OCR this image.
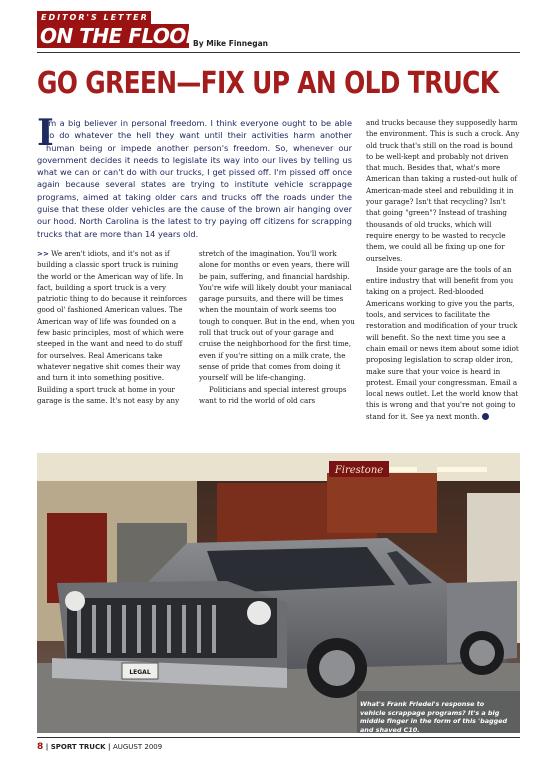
EDITOR'S LETTER
ON THE FLOOR
By Mike Finnegan
GO GREEN—FIX UP AN OLD TRUCK

I
'm a big believer in personal freedom. I think everyone ought to be able to do whatever the hell they want until their activities harm another human being or impede another person's freedom. So, whenever our government decides it needs to legislate its way into our lives by telling us what we can or can't do with our trucks, I get pissed off. I'm pissed off once again because several states are trying to institute vehicle scrappage programs, aimed at taking older cars and trucks off the roads under the guise that these older vehicles are the cause of the brown air hanging over our hood. North Carolina is the latest to try paying off citizens for scrapping trucks that are more than 14 years old.

>> We aren't idiots, and it's not as if building a classic sport truck is ruining the world or the American way of life. In fact, building a sport truck is a very patriotic thing to do because it reinforces good ol' fashioned American values. The American way of life was founded on a few basic principles, most of which were steeped in the want and need to do stuff for ourselves. Real Americans take whatever negative shit comes their way and turn it into something positive. Building a sport truck at home in your garage is the same. It's not easy by any

stretch of the imagination. You'll work alone for months or even years, there will be pain, suffering, and financial hardship. You're wife will likely doubt your maniacal garage pursuits, and there will be times when the mountain of work seems too tough to conquer. But in the end, when you roll that truck out of your garage and cruise the neighborhood for the first time, even if you're sitting on a milk crate, the sense of pride that comes from doing it yourself will be life-changing.

Politicians and special interest groups want to rid the world of old cars

and trucks because they supposedly harm the environment. This is such a crock. Any old truck that's still on the road is bound to be well-kept and probably not driven that much. Besides that, what's more American than taking a rusted-out hulk of American-made steel and rebuilding it in your garage? Isn't that recycling? Isn't that going "green"? Instead of trashing thousands of old trucks, which will require energy to be wasted to recycle them, we could all be fixing up one for ourselves.

Inside your garage are the tools of an entire industry that will benefit from you taking on a project. Red-blooded Americans working to give you the parts, tools, and services to facilitate the restoration and modification of your truck will benefit. So the next time you see a chain email or news item about some idiot proposing legislation to scrap older iron, make sure that your voice is heard in protest. Email your congressman. Email a local news outlet. Let the world know that this is wrong and that you're not going to stand for it. See ya next month.

Firestone
LEGAL

What's Frank Friedel's response to vehicle scrappage programs? It's a big middle finger in the form of this 'bagged and shaved C10.

8 | SPORT TRUCK | AUGUST 2009
